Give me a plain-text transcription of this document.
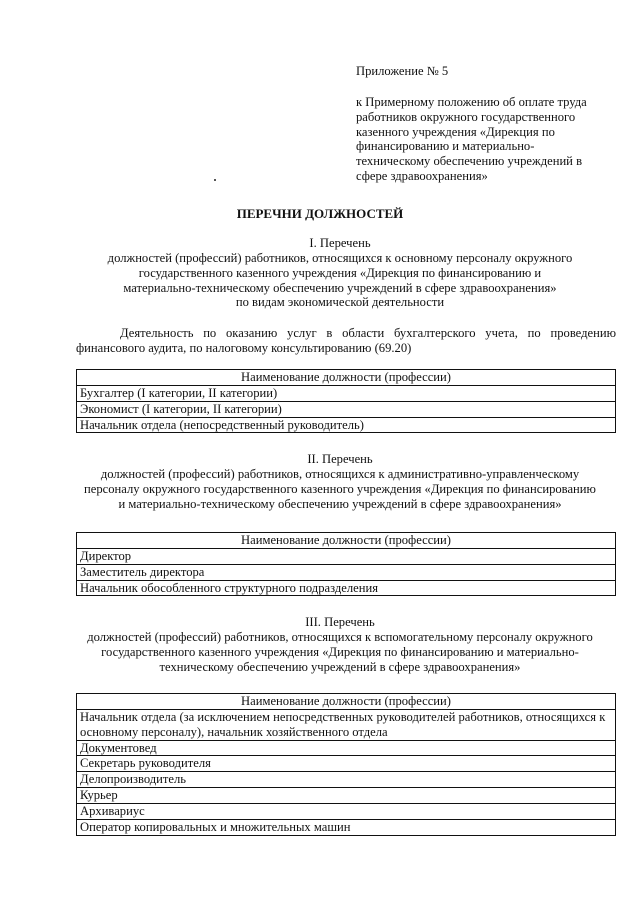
Приложение № 5
к Примерному положению об оплате труда
работников окружного государственного
казенного учреждения «Дирекция по
финансированию и материально-
техническому обеспечению учреждений в
сфере здравоохранения»
ПЕРЕЧНИ ДОЛЖНОСТЕЙ
I. Перечень
должностей (профессий) работников, относящихся к основному персоналу окружного
государственного казенного учреждения «Дирекция по финансированию и
материально-техническому обеспечению учреждений в сфере здравоохранения»
по видам экономической деятельности
Деятельность по оказанию услуг в области бухгалтерского учета, по проведению
финансового аудита, по налоговому консультированию (69.20)
Наименование должности (профессии)
Бухгалтер (I категории, II категории)
Экономист (I категории, II категории)
Начальник отдела (непосредственный руководитель)
II. Перечень
должностей (профессий) работников, относящихся к административно-управленческому
персоналу окружного государственного казенного учреждения «Дирекция по финансированию
и материально-техническому обеспечению учреждений в сфере здравоохранения»
Наименование должности (профессии)
Директор
Заместитель директора
Начальник обособленного структурного подразделения
III. Перечень
должностей (профессий) работников, относящихся к вспомогательному персоналу окружного
государственного казенного учреждения «Дирекция по финансированию и материально-
техническому обеспечению учреждений в сфере здравоохранения»
Наименование должности (профессии)
Начальник отдела (за исключением непосредственных руководителей работников, относящихся к основному персоналу), начальник хозяйственного отдела
Документовед
Секретарь руководителя
Делопроизводитель
Курьер
Архивариус
Оператор копировальных и множительных машин
